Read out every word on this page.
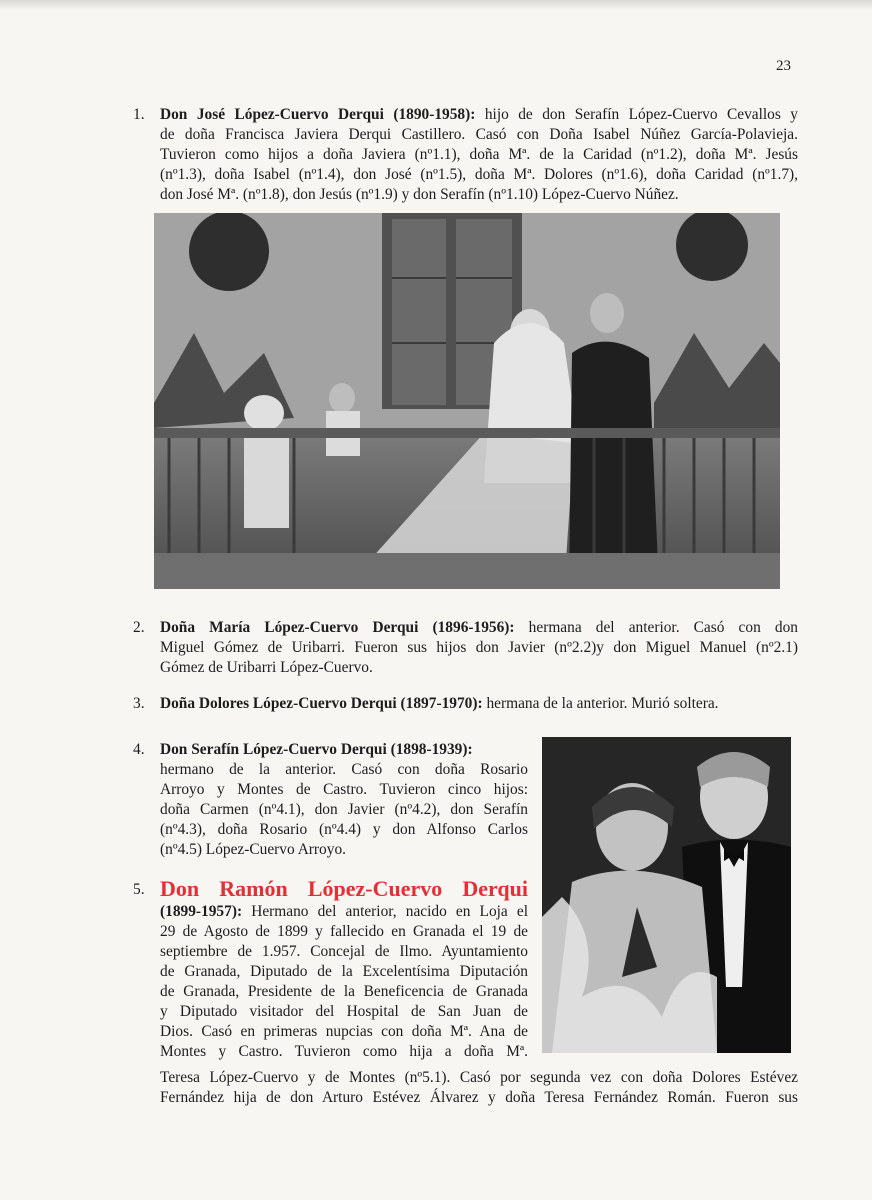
23
1. Don José López-Cuervo Derqui (1890-1958): hijo de don Serafín López-Cuervo Cevallos y
de doña Francisca Javiera Derqui Castillero. Casó con Doña Isabel Núñez García-Polavieja.
Tuvieron como hijos a doña Javiera (nº1.1), doña Mª. de la Caridad (nº1.2), doña Mª. Jesús
(nº1.3), doña Isabel (nº1.4), don José (nº1.5), doña Mª. Dolores (nº1.6), doña Caridad (nº1.7),
don José Mª. (nº1.8), don Jesús (nº1.9) y don Serafín (nº1.10) López-Cuervo Núñez.
2. Doña María López-Cuervo Derqui (1896-1956): hermana del anterior. Casó con don
Miguel Gómez de Uribarri. Fueron sus hijos don Javier (nº2.2)y don Miguel Manuel (nº2.1)
Gómez de Uribarri López-Cuervo.
3. Doña Dolores López-Cuervo Derqui (1897-1970): hermana de la anterior. Murió soltera.
4. Don Serafín López-Cuervo Derqui (1898-1939):
hermano de la anterior. Casó con doña Rosario
Arroyo y Montes de Castro. Tuvieron cinco hijos:
doña Carmen (nº4.1), don Javier (nº4.2), don Serafín
(nº4.3), doña Rosario (nº4.4) y don Alfonso Carlos
(nº4.5) López-Cuervo Arroyo.
5. Don Ramón López-Cuervo Derqui
(1899-1957): Hermano del anterior, nacido en Loja el
29 de Agosto de 1899 y fallecido en Granada el 19 de
septiembre de 1.957. Concejal de Ilmo. Ayuntamiento
de Granada, Diputado de la Excelentísima Diputación
de Granada, Presidente de la Beneficencia de Granada
y Diputado visitador del Hospital de San Juan de
Dios. Casó en primeras nupcias con doña Mª. Ana de
Montes y Castro. Tuvieron como hija a doña Mª.
Teresa López-Cuervo y de Montes (nº5.1). Casó por segunda vez con doña Dolores Estévez
Fernández hija de don Arturo Estévez Álvarez y doña Teresa Fernández Román. Fueron sus
